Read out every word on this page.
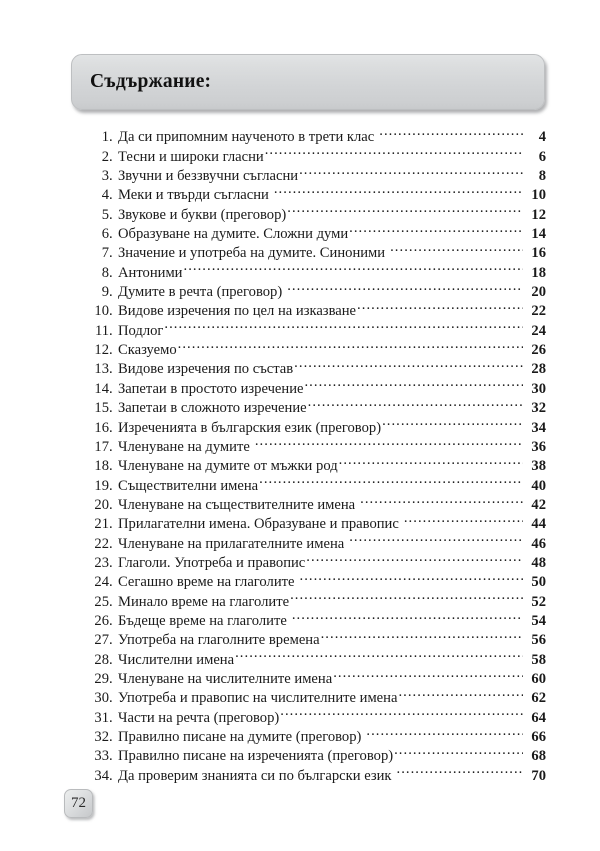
Съдържание:
1 . Да си припомним наученото в трети клас .....	4
2 . Тесни и широки гласни .....	6
3 . Звучни и беззвучни съгласни .....	8
4 . Меки и твърди съгласни .....	10
5 . Звукове и букви (преговор) .....	12
6 . Образуване на думите. Сложни думи .....	14
7 . Значение и употреба на думите. Синоними .....	16
8 . Антоними .....	18
9 . Думите в речта (преговор) .....	20
10 . Видове изречения по цел на изказване .....	22
11 . Подлог .....	24
12 . Сказуемо .....	26
13 . Видове изречения по състав .....	28
14 . Запетаи в простото изречение .....	30
15 . Запетаи в сложното изречение .....	32
16 . Изреченията в българския език (преговор) .....	34
17 . Членуване на думите .....	36
18 . Членуване на думите от мъжки род .....	38
19 . Съществителни имена .....	40
20 . Членуване на съществителните имена .....	42
21 . Прилагателни имена. Образуване и правопис .....	44
22 . Членуване на прилагателните имена .....	46
23 . Глаголи. Употреба и правопис .....	48
24 . Сегашно време на глаголите .....	50
25 . Минало време на глаголите .....	52
26 . Бъдеще време на глаголите .....	54
27 . Употреба на глаголните времена .....	56
28 . Числителни имена .....	58
29 . Членуване на числителните имена .....	60
30 . Употреба и правопис на числителните имена .....	62
31 . Части на речта (преговор) .....	64
32 . Правилно писане на думите (преговор) .....	66
33 . Правилно писане на изреченията (преговор) .....	68
34 . Да проверим знанията си по български език .....	70
72
